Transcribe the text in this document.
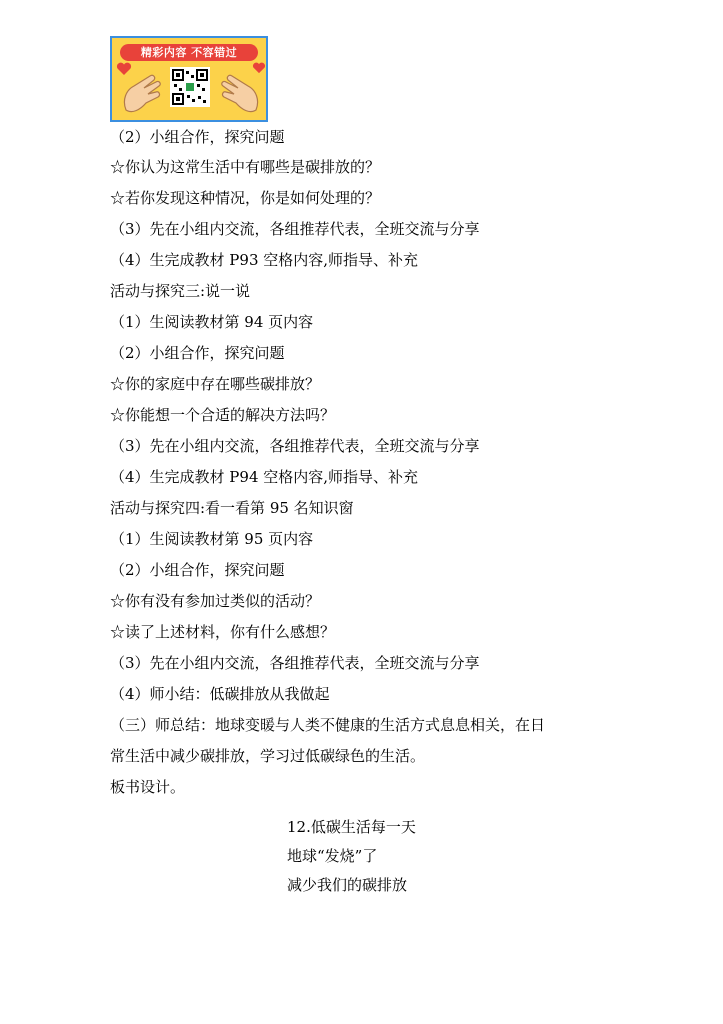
精彩内容 不容错过
（2）小组合作，探究问题
☆你认为这常生活中有哪些是碳排放的？
☆若你发现这种情况，你是如何处理的？
（3）先在小组内交流，各组推荐代表，全班交流与分享
（4）生完成教材 P93 空格内容,师指导、补充
活动与探究三:说一说
（1）生阅读教材第 94 页内容
（2）小组合作，探究问题
☆你的家庭中存在哪些碳排放？
☆你能想一个合适的解决方法吗？
（3）先在小组内交流，各组推荐代表，全班交流与分享
（4）生完成教材 P94 空格内容,师指导、补充
活动与探究四:看一看第 95 名知识窗
（1）生阅读教材第 95 页内容
（2）小组合作，探究问题
☆你有没有参加过类似的活动？
☆读了上述材料，你有什么感想？
（3）先在小组内交流，各组推荐代表，全班交流与分享
（4）师小结：低碳排放从我做起
（三）师总结：地球变暖与人类不健康的生活方式息息相关，在日
常生活中减少碳排放，学习过低碳绿色的生活。
板书设计。
12.低碳生活每一天
地球“发烧”了
减少我们的碳排放
